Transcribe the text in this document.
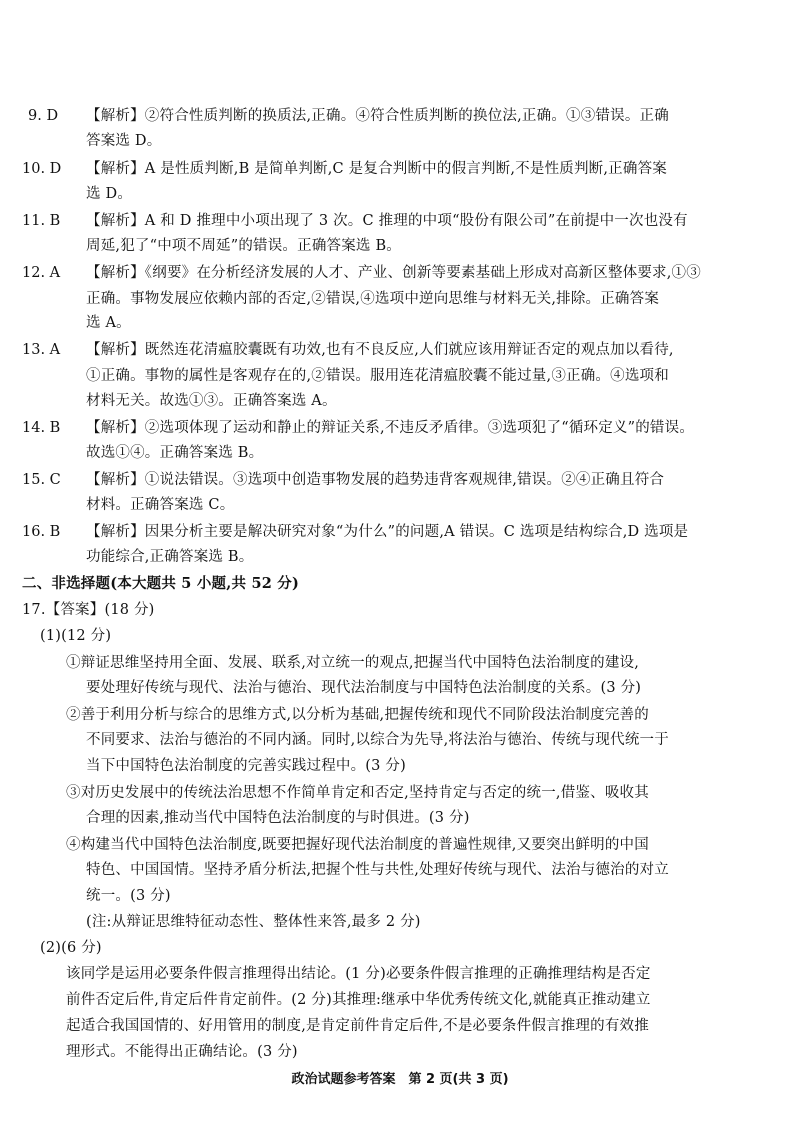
9. D 【解析】②符合性质判断的换质法,正确。④符合性质判断的换位法,正确。①③错误。正确
答案选 D。
10. D 【解析】A 是性质判断,B 是简单判断,C 是复合判断中的假言判断,不是性质判断,正确答案
选 D。
11. B 【解析】A 和 D 推理中小项出现了 3 次。C 推理的中项“股份有限公司”在前提中一次也没有
周延,犯了“中项不周延”的错误。正确答案选 B。
12. A 【解析】《纲要》在分析经济发展的人才、产业、创新等要素基础上形成对高新区整体要求,①③
正确。事物发展应依赖内部的否定,②错误,④选项中逆向思维与材料无关,排除。正确答案
选 A。
13. A 【解析】既然连花清瘟胶囊既有功效,也有不良反应,人们就应该用辩证否定的观点加以看待,
①正确。事物的属性是客观存在的,②错误。服用连花清瘟胶囊不能过量,③正确。④选项和
材料无关。故选①③。正确答案选 A。
14. B 【解析】②选项体现了运动和静止的辩证关系,不违反矛盾律。③选项犯了“循环定义”的错误。
故选①④。正确答案选 B。
15. C 【解析】①说法错误。③选项中创造事物发展的趋势违背客观规律,错误。②④正确且符合
材料。正确答案选 C。
16. B 【解析】因果分析主要是解决研究对象“为什么”的问题,A 错误。C 选项是结构综合,D 选项是
功能综合,正确答案选 B。
二、非选择题(本大题共 5 小题,共 52 分)
17.【答案】(18 分)
(1)(12 分)
①辩证思维坚持用全面、发展、联系,对立统一的观点,把握当代中国特色法治制度的建设,
要处理好传统与现代、法治与德治、现代法治制度与中国特色法治制度的关系。(3 分)
②善于利用分析与综合的思维方式,以分析为基础,把握传统和现代不同阶段法治制度完善的
不同要求、法治与德治的不同内涵。同时,以综合为先导,将法治与德治、传统与现代统一于
当下中国特色法治制度的完善实践过程中。(3 分)
③对历史发展中的传统法治思想不作简单肯定和否定,坚持肯定与否定的统一,借鉴、吸收其
合理的因素,推动当代中国特色法治制度的与时俱进。(3 分)
④构建当代中国特色法治制度,既要把握好现代法治制度的普遍性规律,又要突出鲜明的中国
特色、中国国情。坚持矛盾分析法,把握个性与共性,处理好传统与现代、法治与德治的对立
统一。(3 分)
(注:从辩证思维特征动态性、整体性来答,最多 2 分)
(2)(6 分)
该同学是运用必要条件假言推理得出结论。(1 分)必要条件假言推理的正确推理结构是否定
前件否定后件,肯定后件肯定前件。(2 分)其推理:继承中华优秀传统文化,就能真正推动建立
起适合我国国情的、好用管用的制度,是肯定前件肯定后件,不是必要条件假言推理的有效推
理形式。不能得出正确结论。(3 分)
政治试题参考答案　第 2 页(共 3 页)
